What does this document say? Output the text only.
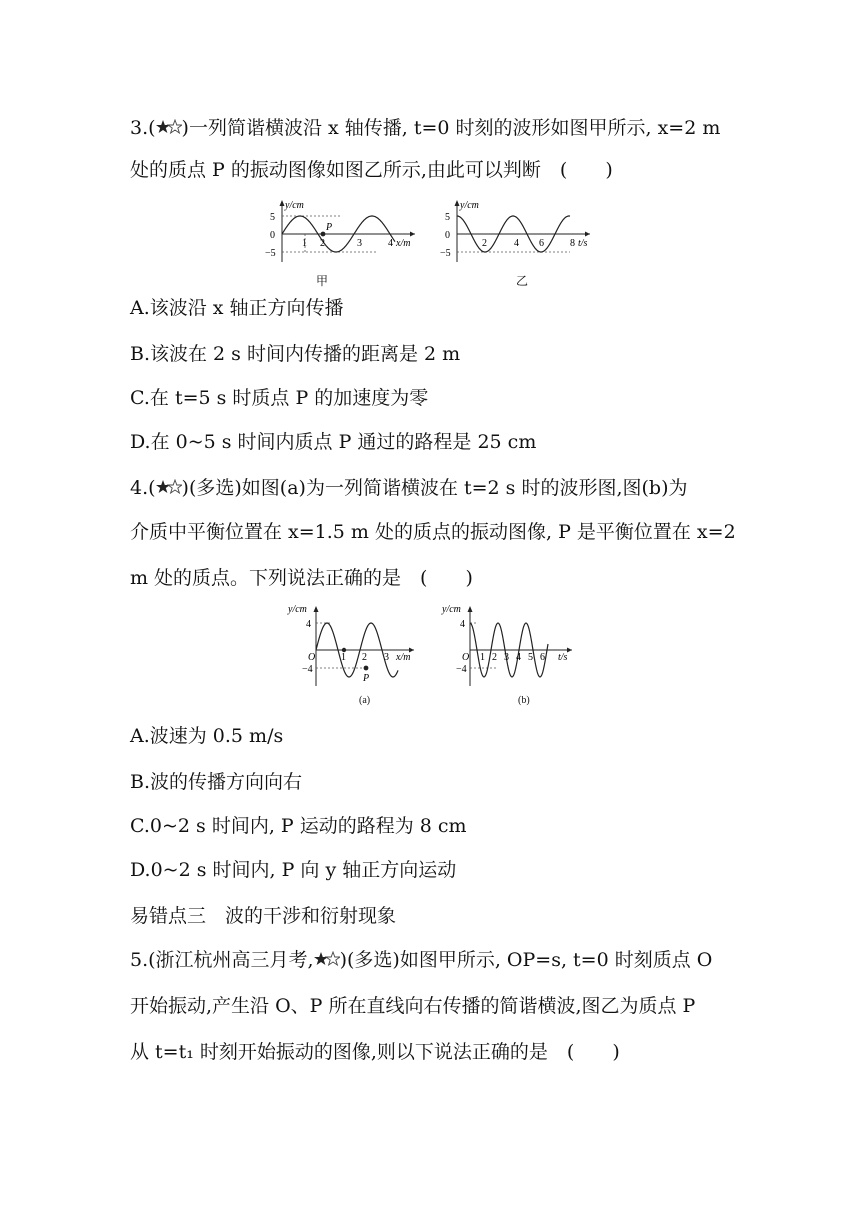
3.( )一列简谐横波沿 x 轴传播, t=0 时刻的波形如图甲所示, x=2 m
处的质点 P 的振动图像如图乙所示,由此可以判断　(　　)
y/cm
5
0
−5
1 2	3	4 x/m
P
甲
y/cm
5
0
−5
2	4 6	8 t/s
乙
A.该波沿 x 轴正方向传播
B.该波在 2 s 时间内传播的距离是 2 m
C.在 t=5 s 时质点 P 的加速度为零
D.在 0~5 s 时间内质点 P 通过的路程是 25 cm
4.( )(多选)如图(a)为一列简谐横波在 t=2 s 时的波形图,图(b)为
介质中平衡位置在 x=1.5 m 处的质点的振动图像, P 是平衡位置在 x=2
m 处的质点。下列说法正确的是　(　　)
y/cm
4
−4
O	1 2 3 x/m
P
(a)
y/cm
4
−4
O 1 2 3 4 5 6 t/s
(b)
A.波速为 0.5 m/s
B.波的传播方向向右
C.0~2 s 时间内, P 运动的路程为 8 cm
D.0~2 s 时间内, P 向 y 轴正方向运动
易错点三　波的干涉和衍射现象
5.(浙江杭州高三月考, )(多选)如图甲所示, OP=s, t=0 时刻质点 O
开始振动,产生沿 O、P 所在直线向右传播的简谐横波,图乙为质点 P
从 t=t₁ 时刻开始振动的图像,则以下说法正确的是　(　　)
